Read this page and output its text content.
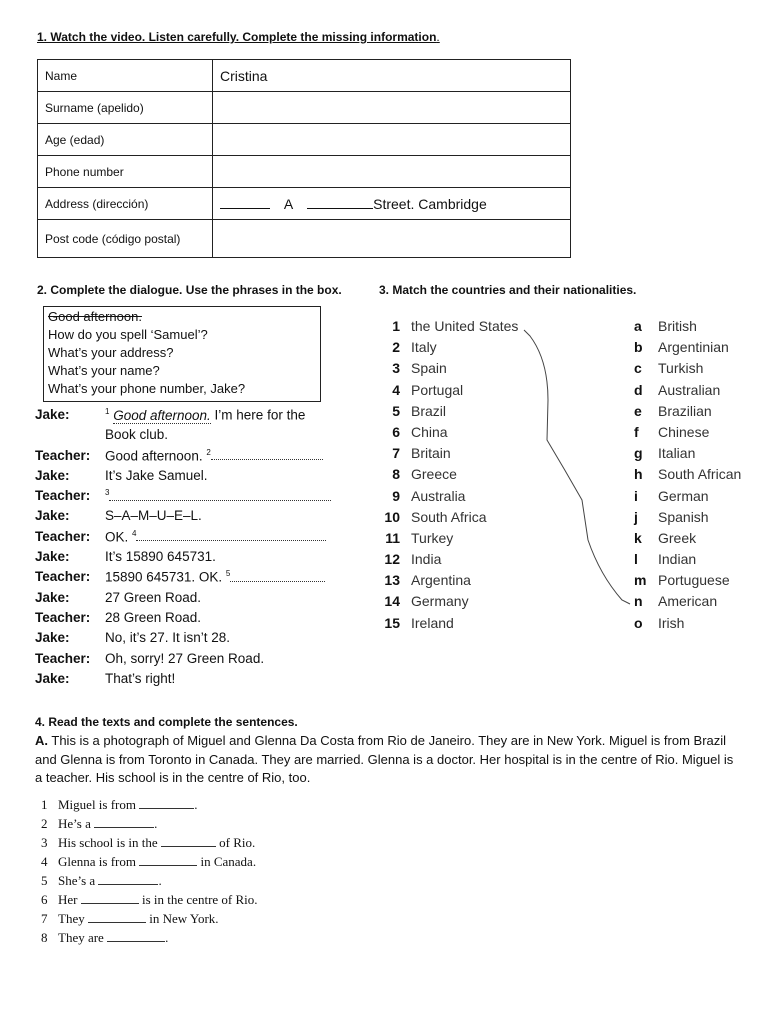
1. Watch the video. Listen carefully. Complete the missing information.
Name	Cristina
Surname (apelido)	
Age (edad)	
Phone number	
Address (dirección)	A Street. Cambridge
Post code (código postal)	
2. Complete the dialogue. Use the phrases in the box.
Good afternoon.
How do you spell ‘Samuel’?
What’s your address?
What’s your name?
What’s your phone number, Jake?
Jake:	$^1$ Good afternoon. I’m here for the
Book club.
Teacher: Good afternoon. $^2$
Jake:	It’s Jake Samuel.
Teacher: $^3$
Jake:	S–A–M–U–E–L.
Teacher: OK. $^4$
Jake:	It’s 15890 645731.
Teacher: 15890 645731. OK. $^5$
Jake:	27 Green Road.
Teacher: 28 Green Road.
Jake:	No, it’s 27. It isn’t 28.
Teacher: Oh, sorry! 27 Green Road.
Jake:	That’s right!
3. Match the countries and their nationalities.
1 the United States
2 Italy
3 Spain
4 Portugal
5 Brazil
6 China
7 Britain
8 Greece
9 Australia
10 South Africa
11 Turkey
12 India
13 Argentina
14 Germany
15 Ireland
a British
b Argentinian
c Turkish
d Australian
e Brazilian
f Chinese
g Italian
h South African
i German
j Spanish
k Greek
l Indian
m Portuguese
n American
o Irish
4. Read the texts and complete the sentences.
A. This is a photograph of Miguel and Glenna Da Costa from Rio de Janeiro. They are in New York. Miguel is from Brazil and Glenna is from Toronto in Canada. They are married. Glenna is a doctor. Her hospital is in the centre of Rio. Miguel is a teacher. His school is in the centre of Rio, too.
1 Miguel is from	.
2 He’s a	.
3 His school is in the	of Rio.
4 Glenna is from	in Canada.
5 She’s a	.
6 Her	is in the centre of Rio.
7 They	in New York.
8 They are	.
